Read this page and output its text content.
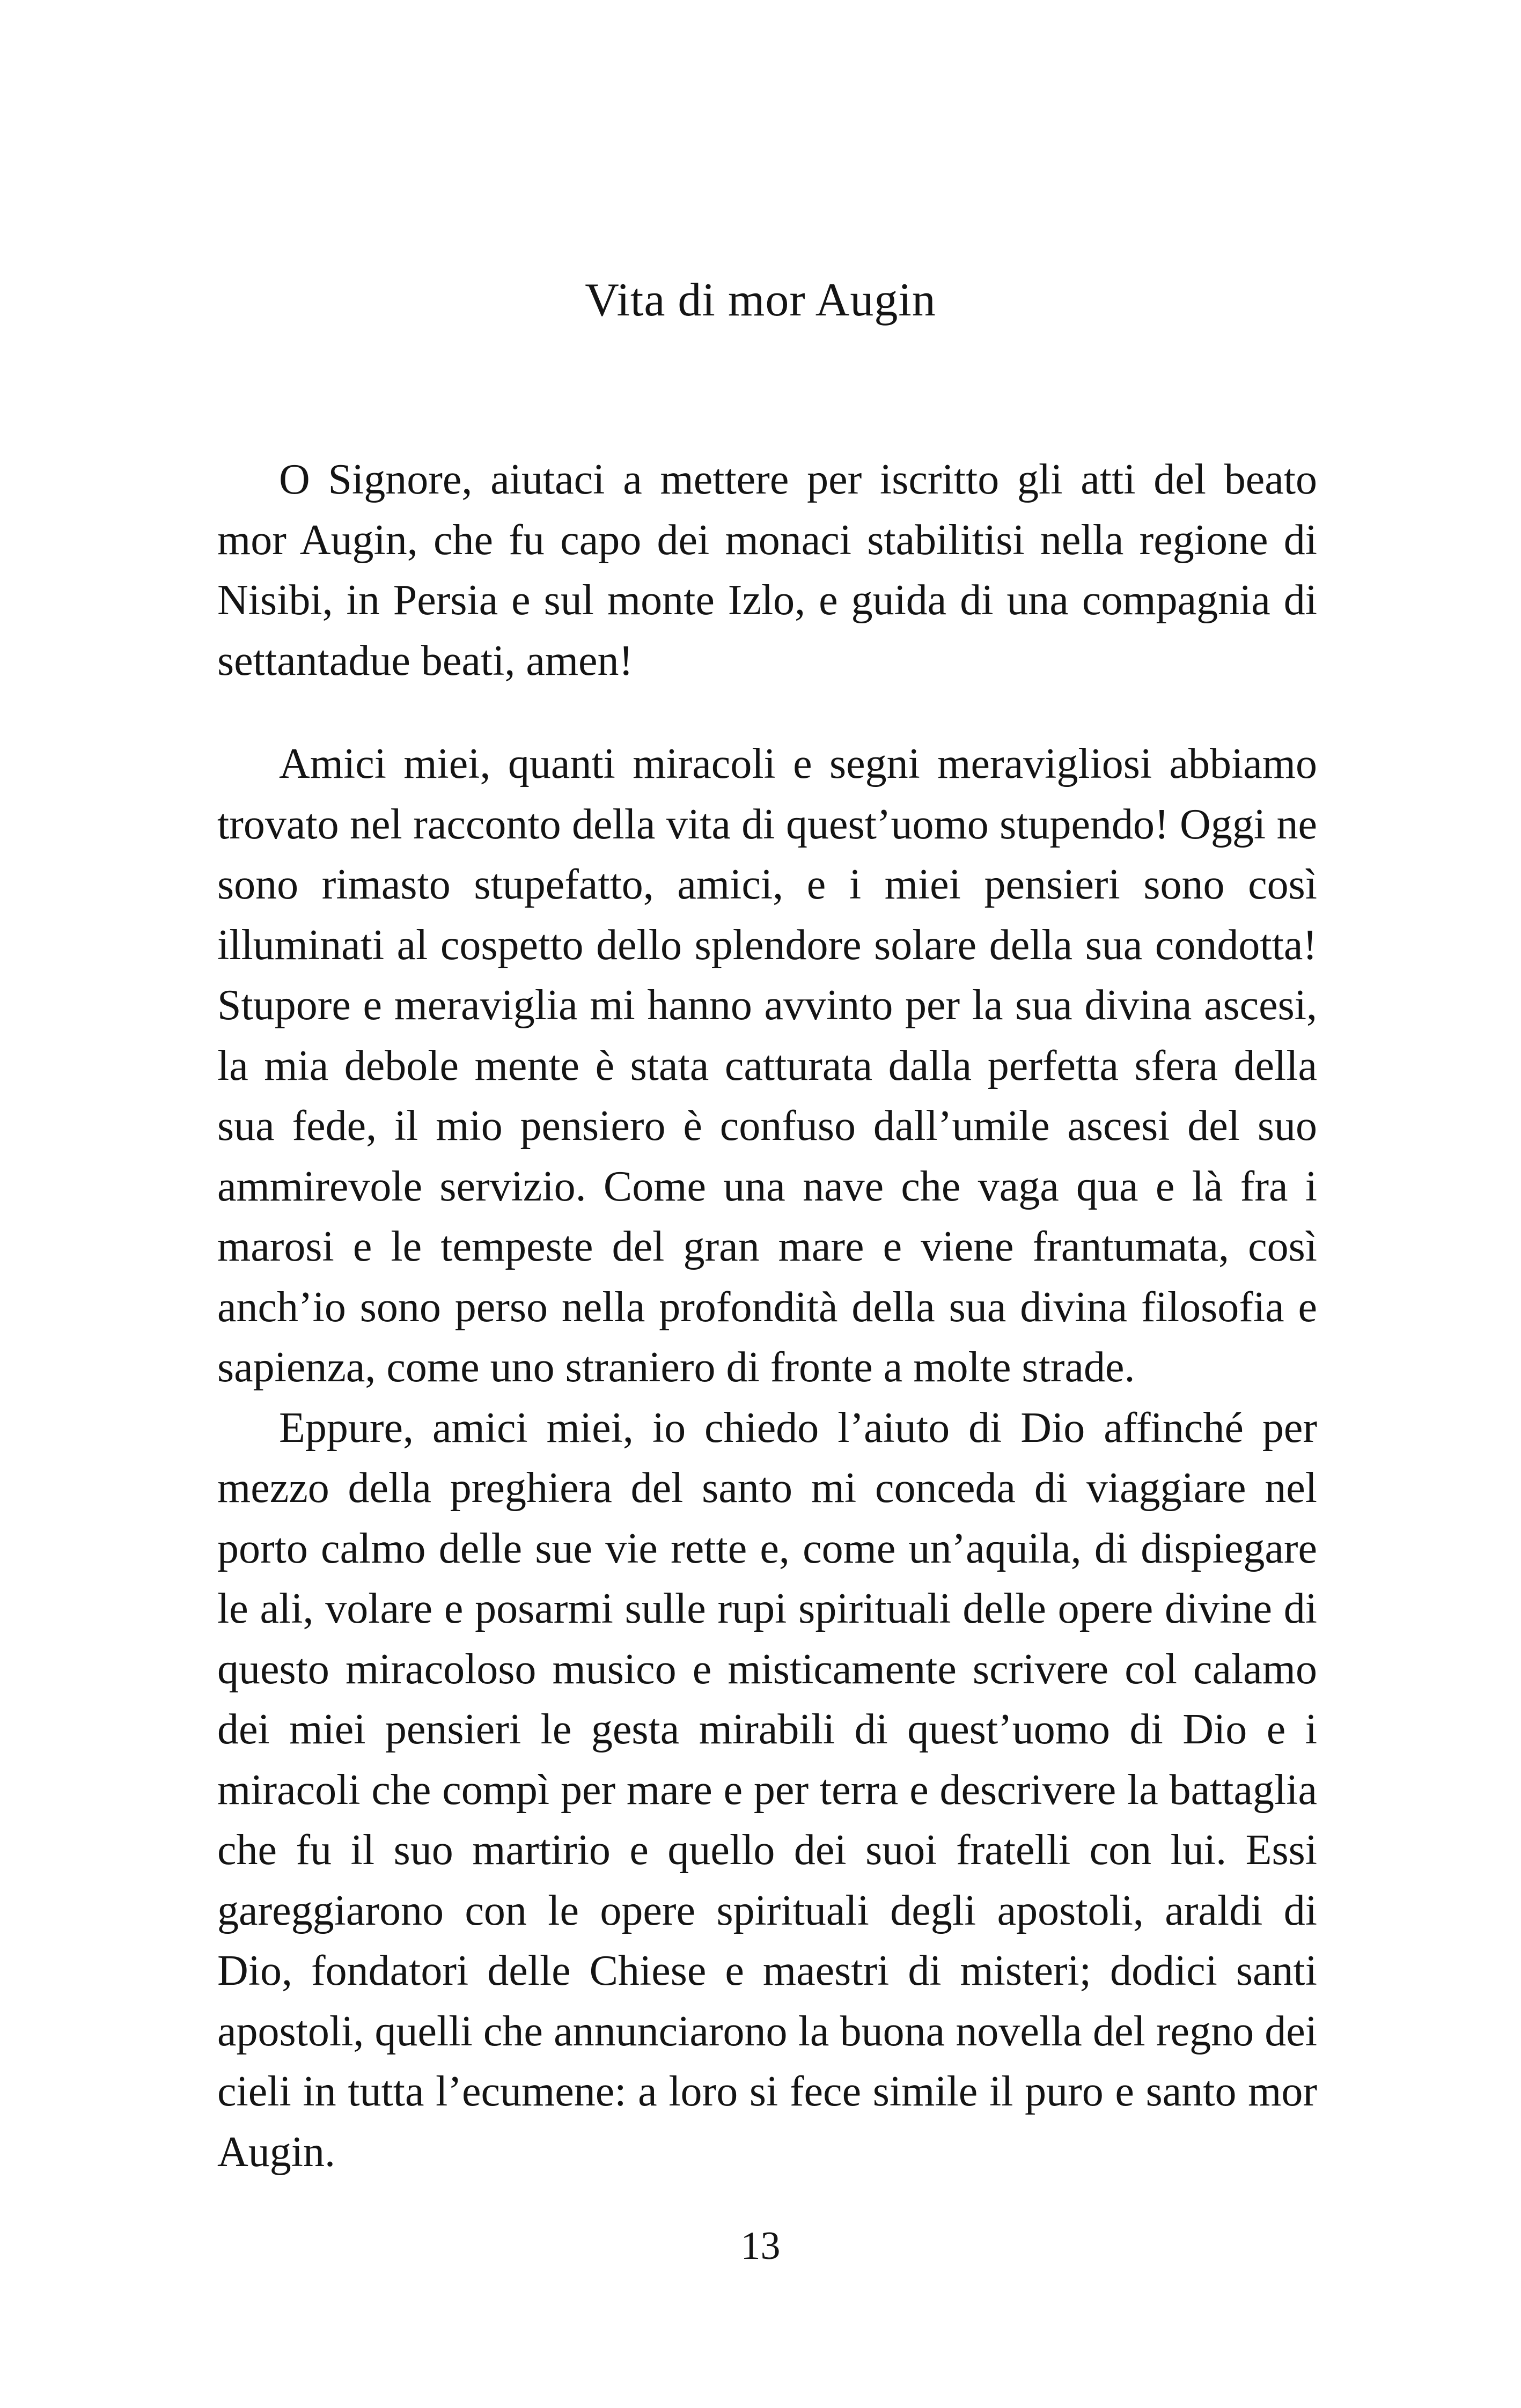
Vita di mor Augin

O Signore, aiutaci a mettere per iscritto gli atti del beato mor Augin, che fu capo dei monaci stabilitisi nella regione di Nisibi, in Persia e sul monte Izlo, e guida di una compagnia di settantadue beati, amen!

Amici miei, quanti miracoli e segni meravigliosi abbiamo trovato nel racconto della vita di quest’uomo stupendo! Oggi ne sono rimasto stupefatto, amici, e i miei pensieri sono così illuminati al cospetto dello splendore solare della sua condotta! Stupore e meraviglia mi hanno avvinto per la sua divina ascesi, la mia debole mente è stata catturata dalla perfetta sfera della sua fede, il mio pensiero è confuso dall’umile ascesi del suo ammirevole servizio. Come una nave che vaga qua e là fra i marosi e le tempeste del gran mare e viene frantumata, così anch’io sono perso nella profondità della sua divina filosofia e sapienza, come uno straniero di fronte a molte strade.

Eppure, amici miei, io chiedo l’aiuto di Dio affinché per mezzo della preghiera del santo mi conceda di viaggiare nel porto calmo delle sue vie rette e, come un’aquila, di dispiegare le ali, volare e posarmi sulle rupi spirituali delle opere divine di questo miracoloso musico e misticamente scrivere col calamo dei miei pensieri le gesta mirabili di quest’uomo di Dio e i miracoli che compì per mare e per terra e descrivere la battaglia che fu il suo martirio e quello dei suoi fratelli con lui. Essi gareggiarono con le opere spirituali degli apostoli, araldi di Dio, fondatori delle Chiese e maestri di misteri; dodici santi apostoli, quelli che annunciarono la buona novella del regno dei cieli in tutta l’ecumene: a loro si fece simile il puro e santo mor Augin.

13
